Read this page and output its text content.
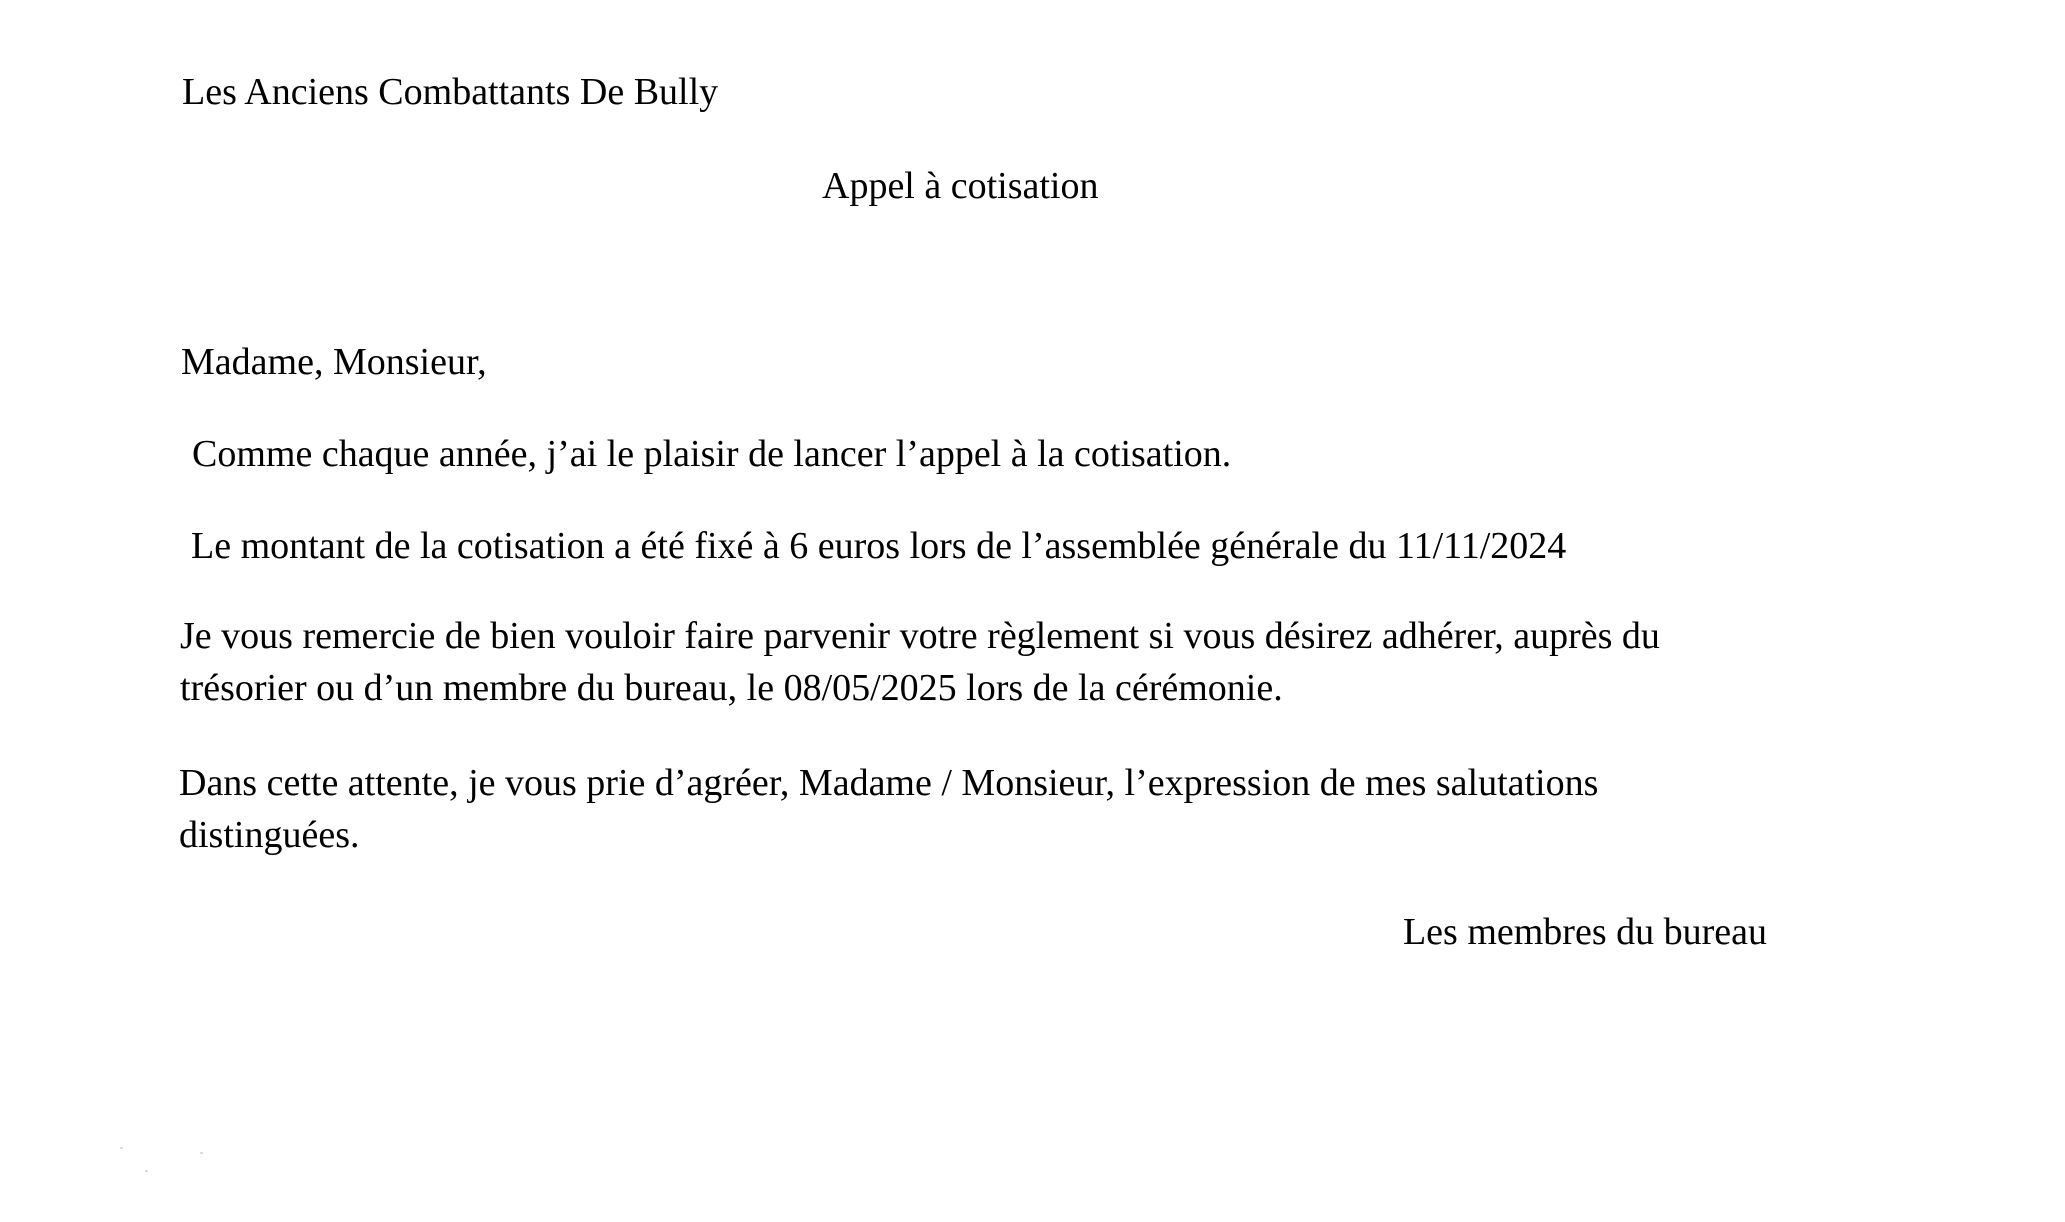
Les Anciens Combattants De Bully

Appel à cotisation

Madame, Monsieur,

Comme chaque année, j’ai le plaisir de lancer l’appel à la cotisation.

Le montant de la cotisation a été fixé à 6 euros lors de l’assemblée générale du 11/11/2024

Je vous remercie de bien vouloir faire parvenir votre règlement si vous désirez adhérer, auprès du trésorier ou d’un membre du bureau, le 08/05/2025 lors de la cérémonie.

Dans cette attente, je vous prie d’agréer, Madame / Monsieur, l’expression de mes salutations distinguées.

Les membres du bureau
